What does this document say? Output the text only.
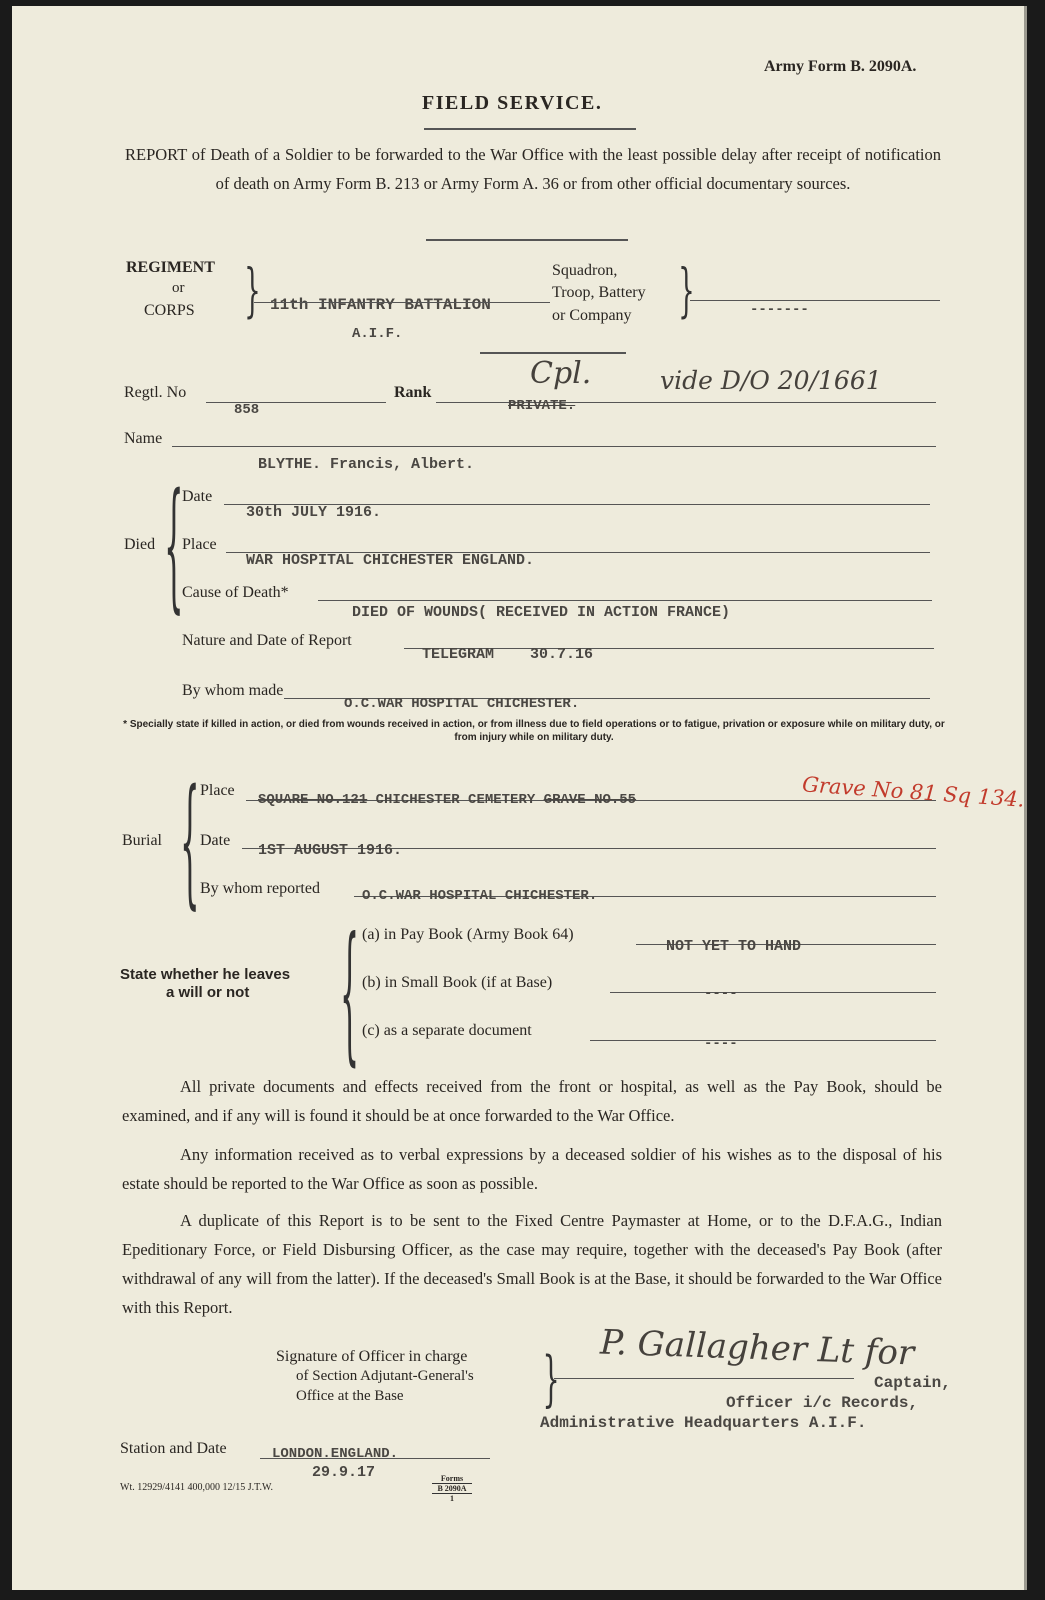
Army Form B. 2090A.
FIELD SERVICE.
REPORT of Death of a Soldier to be forwarded to the War Office with the least possible delay after receipt of notification of death on Army Form B. 213 or Army Form A. 36 or from other official documentary sources.
REGIMENT
or
CORPS } 11th INFANTRY BATTALION
A.I.F.
Squadron,
Troop, Battery
or Company }	-------
Regtl. No
858
Rank
PRIVATE.
Cpl.	vide D/O 20/1661
Name
BLYTHE. Francis, Albert.
Died {
Date
30th JULY 1916.
Place
WAR HOSPITAL CHICHESTER ENGLAND.
Cause of Death*
DIED OF WOUNDS( RECEIVED IN ACTION FRANCE)
Nature and Date of Report
TELEGRAM    30.7.16
By whom made
O.C.WAR HOSPITAL CHICHESTER.
* Specially state if killed in action, or died from wounds received in action, or from illness due to field operations or to fatigue, privation or exposure while on military duty, or from injury while on military duty.
Burial { Place
SQUARE NO.121 CHICHESTER CEMETERY GRAVE NO.55	Grave No 81 Sq 134.
Date
1ST AUGUST 1916.
By whom reported	O.C.WAR HOSPITAL CHICHESTER.
State whether he leaves
a will or not { (a) in Pay Book (Army Book 64)
NOT YET TO HAND
(b) in Small Book (if at Base)
----
(c) as a separate document
----
All private documents and effects received from the front or hospital, as well as the Pay Book, should be examined, and if any will is found it should be at once forwarded to the War Office.
Any information received as to verbal expressions by a deceased soldier of his wishes as to the disposal of his estate should be reported to the War Office as soon as possible.
A duplicate of this Report is to be sent to the Fixed Centre Paymaster at Home, or to the D.F.A.G., Indian Epeditionary Force, or Field Disbursing Officer, as the case may require, together with the deceased's Pay Book (after withdrawal of any will from the latter). If the deceased's Small Book is at the Base, it should be forwarded to the War Office with this Report.
Signature of Officer in charge
of Section Adjutant-General's
Office at the Base } P. Gallagher Lt for
Captain,
Officer i/c Records,
Administrative Headquarters A.I.F.
Station and Date	LONDON.ENGLAND.
29.9.17
Wt. 12929/4141 400,000 12/15 J.T.W.
Forms
B 2090A
1
